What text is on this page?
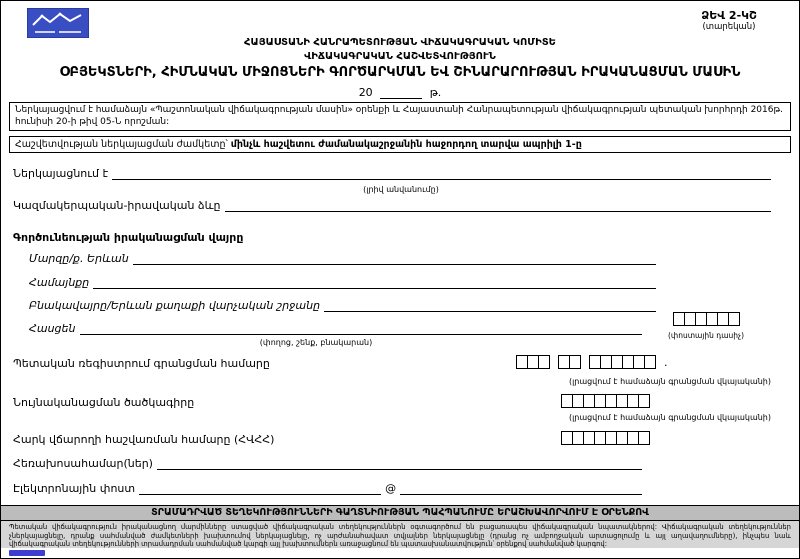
ՁԵՎ 2-ԿՇ
(տարեկան)
ՀԱՅԱՍՏԱՆԻ ՀԱՆՐԱՊԵՏՈՒԹՅԱՆ ՎԻՃԱԿԱԳՐԱԿԱՆ ԿՈՄԻՏԵ
ՎԻՃԱԿԱԳՐԱԿԱՆ ՀԱՇՎԵՏՎՈՒԹՅՈՒՆ
ՕԲՅԵԿՏՆԵՐԻ, ՀԻՄՆԱԿԱՆ ՄԻՋՈՑՆԵՐԻ ԳՈՐԾԱՐԿՄԱՆ ԵՎ ՇԻՆԱՐԱՐՈՒԹՅԱՆ ԻՐԱԿԱՆԱՑՄԱՆ ՄԱՍԻՆ
20	թ.
Ներկայացվում է համաձայն «Պաշտոնական վիճակագրության մասին» օրենքի և Հայաստանի Հանրապետության վիճակագրության պետական խորհրդի 2016թ. հունիսի 20-ի թիվ 05-Ն որոշման:
Հաշվետվության ներկայացման ժամկետը՝ մինչև հաշվետու ժամանակաշրջանին հաջորդող տարվա ապրիլի 1-ը
Ներկայացնում է
(լրիվ անվանումը)
Կազմակերպական-իրավական ձևը
Գործունեության իրականացման վայրը
Մարզը/ք. Երևան
Համայնքը
Բնակավայրը/Երևան քաղաքի վարչական շրջանը
Հասցեն
(փողոց, շենք, բնակարան)
(փոստային դասիչ)
Պետական ռեգիստրում գրանցման համարը	.
(լրացվում է համաձայն գրանցման վկայականի)
Նույնականացման ծածկագիրը
(լրացվում է համաձայն գրանցման վկայականի)
Հարկ վճարողի հաշվառման համարը (ՀՎՀՀ)
Հեռախոսահամար(ներ)
Էլեկտրոնային փոստ	@
ՏՐԱՄԱԴՐՎԱԾ ՏԵՂԵԿՈՒԹՅՈՒՆՆԵՐԻ ԳԱՂՏՆԻՈՒԹՅԱՆ ՊԱՀՊԱՆՈՒՄԸ ԵՐԱՇԽԱՎՈՐՎՈՒՄ Է ՕՐԵՆՔՈՎ
Պետական վիճակագրություն իրականացնող մարմինները ստացված վիճակագրական տեղեկություններն օգտագործում են բացառապես վիճակագրական նպատակներով: Վիճակագրական տեղեկություններ չներկայացնելը, դրանք սահմանված ժամկետների խախտումով ներկայացնելը, ոչ արժանահավատ տվյալներ ներկայացնելը (դրանց ոչ ամբողջական արտացոլումը և այլ աղավաղումները), ինչպես նաև վիճակագրական տեղեկությունների տրամադրման սահմանված կարգի այլ խախտումներն առաջացնում են պատասխանատվություն՝ օրենքով սահմանված կարգով:
